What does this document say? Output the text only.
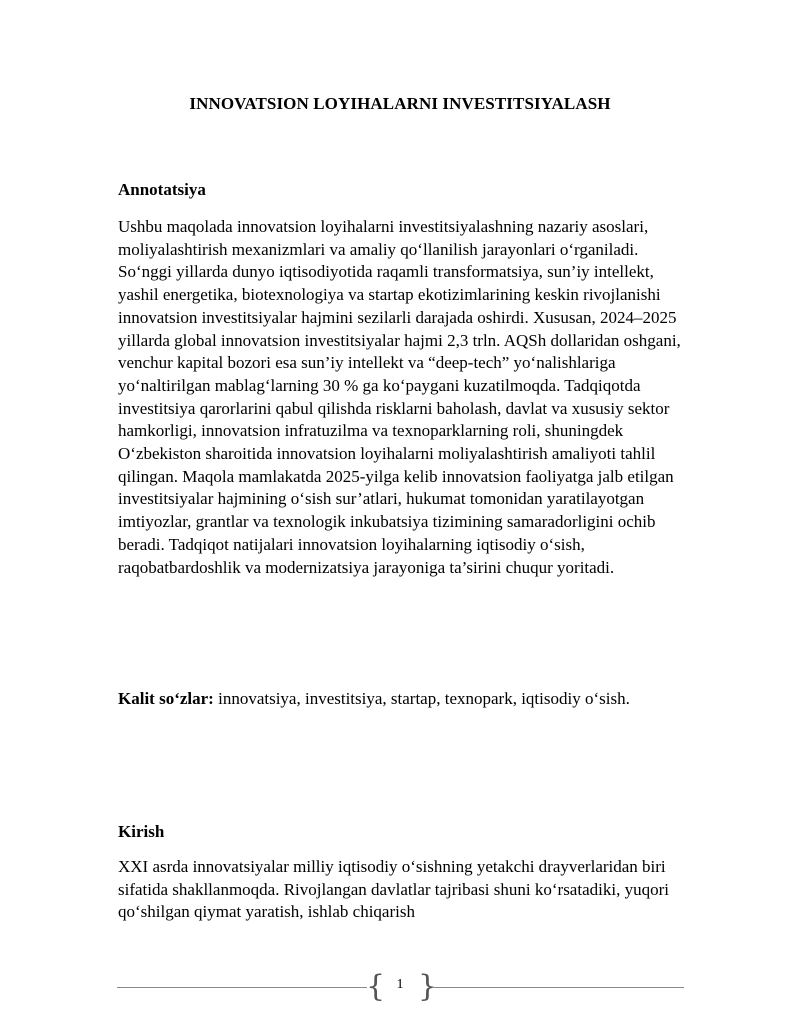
INNOVATSION LOYIHALARNI INVESTITSIYALASH
Annotatsiya

Ushbu maqolada innovatsion loyihalarni investitsiyalashning nazariy asoslari, moliyalashtirish mexanizmlari va amaliy qo‘llanilish jarayonlari o‘rganiladi. So‘nggi yillarda dunyo iqtisodiyotida raqamli transformatsiya, sun’iy intellekt, yashil energetika, biotexnologiya va startap ekotizimlarining keskin rivojlanishi innovatsion investitsiyalar hajmini sezilarli darajada oshirdi. Xususan, 2024–2025 yillarda global innovatsion investitsiyalar hajmi 2,3 trln. AQSh dollaridan oshgani, venchur kapital bozori esa sun’iy intellekt va “deep-tech” yo‘nalishlariga yo‘naltirilgan mablag‘larning 30 % ga ko‘paygani kuzatilmoqda. Tadqiqotda investitsiya qarorlarini qabul qilishda risklarni baholash, davlat va xususiy sektor hamkorligi, innovatsion infratuzilma va texnoparklarning roli, shuningdek O‘zbekiston sharoitida innovatsion loyihalarni moliyalashtirish amaliyoti tahlil qilingan. Maqola mamlakatda 2025-yilga kelib innovatsion faoliyatga jalb etilgan investitsiyalar hajmining o‘sish sur’atlari, hukumat tomonidan yaratilayotgan imtiyozlar, grantlar va texnologik inkubatsiya tizimining samaradorligini ochib beradi. Tadqiqot natijalari innovatsion loyihalarning iqtisodiy o‘sish, raqobatbardoshlik va modernizatsiya jarayoniga ta’sirini chuqur yoritadi.

Kalit so‘zlar: innovatsiya, investitsiya, startap, texnopark, iqtisodiy o‘sish.

Kirish

XXI asrda innovatsiyalar milliy iqtisodiy o‘sishning yetakchi drayverlaridan biri sifatida shakllanmoqda. Rivojlangan davlatlar tajribasi shuni ko‘rsatadiki, yuqori qo‘shilgan qiymat yaratish, ishlab chiqarish

{ 1 }
